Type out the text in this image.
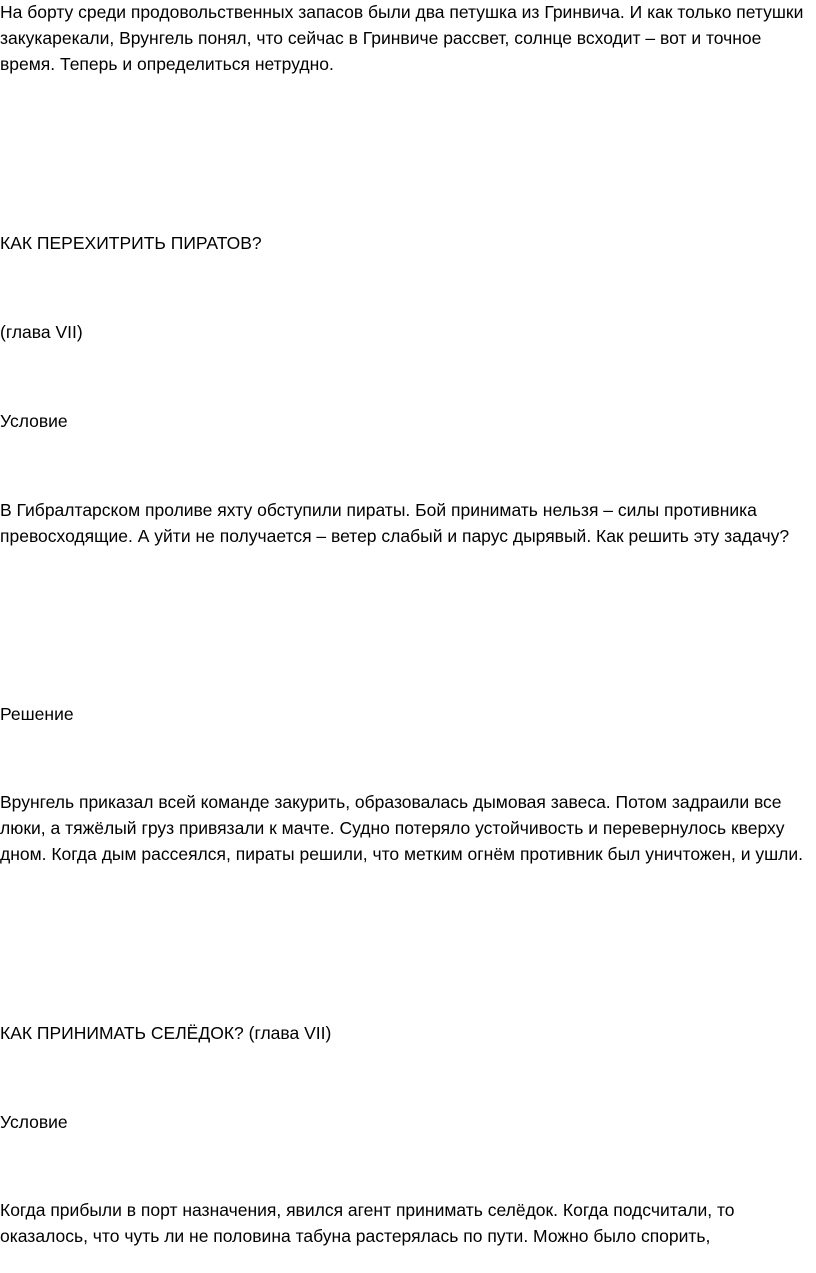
На борту среди продовольственных запасов были два петушка из Гринвича. И как только петушки
закукарекали, Врунгель понял, что сейчас в Гринвиче рассвет, солнце всходит – вот и точное
время. Теперь и определиться нетрудно.

КАК ПЕРЕХИТРИТЬ ПИРАТОВ?

(глава VII)

Условие

В Гибралтарском проливе яхту обступили пираты. Бой принимать нельзя – силы противника
превосходящие. А уйти не получается – ветер слабый и парус дырявый. Как решить эту задачу?

Решение

Врунгель приказал всей команде закурить, образовалась дымовая завеса. Потом задраили все
люки, а тяжёлый груз привязали к мачте. Судно потеряло устойчивость и перевернулось кверху
дном. Когда дым рассеялся, пираты решили, что метким огнём противник был уничтожен, и ушли.

КАК ПРИНИМАТЬ СЕЛЁДОК? (глава VII)

Условие

Когда прибыли в порт назначения, явился агент принимать селёдок. Когда подсчитали, то
оказалось, что чуть ли не половина табуна растерялась по пути. Можно было спорить,
